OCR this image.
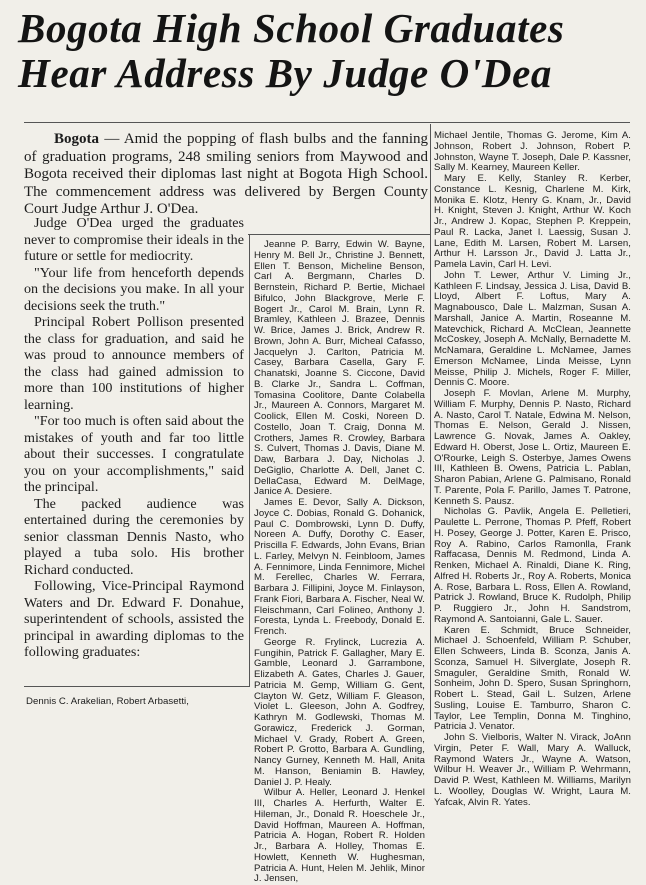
Bogota High School Graduates
Hear Address By Judge O'Dea
Bogota — Amid the popping of flash bulbs and the fanning of graduation programs, 248 smiling seniors from Maywood and Bogota received their diplomas last night at Bogota High School. The commencement address was delivered by Bergen County Court Judge Arthur J. O'Dea.

Judge O'Dea urged the graduates never to compromise their ideals in the future or settle for mediocrity.

"Your life from henceforth depends on the decisions you make. In all your decisions seek the truth."

Principal Robert Pollison presented the class for graduation, and said he was proud to announce members of the class had gained admission to more than 100 institutions of higher learning.

"For too much is often said about the mistakes of youth and far too little about their successes. I congratulate you on your accomplishments," said the principal.

The packed audience was entertained during the ceremonies by senior classman Dennis Nasto, who played a tuba solo. His brother Richard conducted.

Following, Vice-Principal Raymond Waters and Dr. Edward F. Donahue, superintendent of schools, assisted the principal in awarding diplomas to the following graduates:

Dennis C. Arakelian, Robert Arbasetti,

Jeanne P. Barry, Edwin W. Bayne, Henry M. Bell Jr., Christine J. Bennett, Ellen T. Benson, Micheline Benson, Carl A. Bergmann, Charles D. Bernstein, Richard P. Bertie, Michael Bifulco, John Blackgrove, Merle F. Bogert Jr., Carol M. Brain, Lynn R. Bramley, Kathleen J. Brazee, Dennis W. Brice, James J. Brick, Andrew R. Brown, John A. Burr, Micheal Cafasso, Jacquelyn J. Carlton, Patricia M. Casey, Barbara Casella, Gary F. Chanatski, Joanne S. Ciccone, David B. Clarke Jr., Sandra L. Coffman, Tomasina Coolitore, Dante Colabella Jr., Maureen A. Connors, Margaret M. Coolick, Ellen M. Coski, Noreen D. Costello, Joan T. Craig, Donna M. Crothers, James R. Crowley, Barbara S. Culvert, Thomas J. Davis, Diane M. Daw, Barbara J. Day, Nicholas J. DeGiglio, Charlotte A. Dell, Janet C. DellaCasa, Edward M. DelMage, Janice A. Desiere.

James E. Devor, Sally A. Dickson, Joyce C. Dobias, Ronald G. Dohanick, Paul C. Dombrowski, Lynn D. Duffy, Noreen A. Duffy, Dorothy C. Easer, Priscilla F. Edwards, John Evans, Brian L. Farley, Melvyn N. Feinbloom, James A. Fennimore, Linda Fennimore, Michel M. Ferellec, Charles W. Ferrara, Barbara J. Fillipini, Joyce M. Finlayson, Frank Fiori, Barbara A. Fischer, Neal W. Fleischmann, Carl Folineo, Anthony J. Foresta, Lynda L. Freebody, Donald E. French.

George R. Frylinck, Lucrezia A. Fungihin, Patrick F. Gallagher, Mary E. Gamble, Leonard J. Garrambone, Elizabeth A. Gates, Charles J. Gauer, Patricia M. Gemp, William G. Gent, Clayton W. Getz, William F. Gleason, Violet L. Gleeson, John A. Godfrey, Kathryn M. Godlewski, Thomas M. Gorawicz, Frederick J. Gorman, Michael V. Grady, Robert A. Green, Robert P. Grotto, Barbara A. Gundling, Nancy Gurney, Kenneth M. Hall, Anita M. Hanson, Beniamin B. Hawley, Daniel J. P. Healy.

Wilbur A. Heller, Leonard J. Henkel III, Charles A. Herfurth, Walter E. Hileman, Jr., Donald R. Hoeschele Jr., David Hoffman, Maureen A. Hoffman, Patricia A. Hogan, Robert R. Holden Jr., Barbara A. Holley, Thomas E. Howlett, Kenneth W. Hughesman, Patricia A. Hunt, Helen M. Jehlik, Minor J. Jensen,

Michael Jentile, Thomas G. Jerome, Kim A. Johnson, Robert J. Johnson, Robert P. Johnston, Wayne T. Joseph, Dale P. Kassner, Sally M. Kearney, Maureen Keller.

Mary E. Kelly, Stanley R. Kerber, Constance L. Kesnig, Charlene M. Kirk, Monika E. Klotz, Henry G. Knam, Jr., David H. Knight, Steven J. Knight, Arthur W. Koch Jr., Andrew J. Kopac, Stephen P. Kreppein, Paul R. Lacka, Janet I. Laessig, Susan J. Lane, Edith M. Larsen, Robert M. Larsen, Arthur H. Larsson Jr., David J. Latta Jr., Pamela Lavin, Carl H. Levi.

John T. Lewer, Arthur V. Liming Jr., Kathleen F. Lindsay, Jessica J. Lisa, David B. Lloyd, Albert F. Loftus, Mary A. Magnabousco, Dale L. Malzman, Susan A. Marshall, Janice A. Martin, Roseanne M. Matevchick, Richard A. McClean, Jeannette McCoskey, Joseph A. McNally, Bernadette M. McNamara, Geraldine L. McNamee, James Emerson McNamee, Linda Meisse, Lynn Meisse, Philip J. Michels, Roger F. Miller, Dennis C. Moore.

Joseph F. Movlan, Arlene M. Murphy, William F. Murphy, Dennis P. Nasto, Richard A. Nasto, Carol T. Natale, Edwina M. Nelson, Thomas E. Nelson, Gerald J. Nissen, Lawrence G. Novak, James A. Oakley, Edward H. Oberst, Jose L. Ortiz, Maureen E. O'Rourke, Leigh S. Osterbye, James Owens III, Kathleen B. Owens, Patricia L. Pablan, Sharon Pabian, Arlene G. Palmisano, Ronald T. Parente, Pola F. Parillo, James T. Patrone, Kenneth S. Pausz.

Nicholas G. Pavlik, Angela E. Pelletieri, Paulette L. Perrone, Thomas P. Pfeff, Robert H. Posey, George J. Potter, Karen E. Prisco, Roy A. Rabino, Carlos Ramonlla, Frank Raffacasa, Dennis M. Redmond, Linda A. Renken, Michael A. Rinaldi, Diane K. Ring, Alfred H. Roberts Jr., Roy A. Roberts, Monica A. Rose, Barbara L. Ross, Ellen A. Rowland, Patrick J. Rowland, Bruce K. Rudolph, Philip P. Ruggiero Jr., John H. Sandstrom, Raymond A. Santoianni, Gale L. Sauer.

Karen E. Schmidt, Bruce Schneider, Michael J. Schoenfeld, William P. Schuber, Ellen Schweers, Linda B. Sconza, Janis A. Sconza, Samuel H. Silverglate, Joseph R. Smaguler, Geraldine Smith, Ronald W. Sonheim, John D. Spero, Susan Springhorn, Robert L. Stead, Gail L. Sulzen, Arlene Susling, Louise E. Tamburro, Sharon C. Taylor, Lee Templin, Donna M. Tinghino, Patricia J. Venator.

John S. Vielboris, Walter N. Virack, JoAnn Virgin, Peter F. Wall, Mary A. Walluck, Raymond Waters Jr., Wayne A. Watson, Wilbur H. Weaver Jr., William P. Wehrmann, David P. West, Kathleen M. Williams, Marilyn L. Woolley, Douglas W. Wright, Laura M. Yafcak, Alvin R. Yates.
